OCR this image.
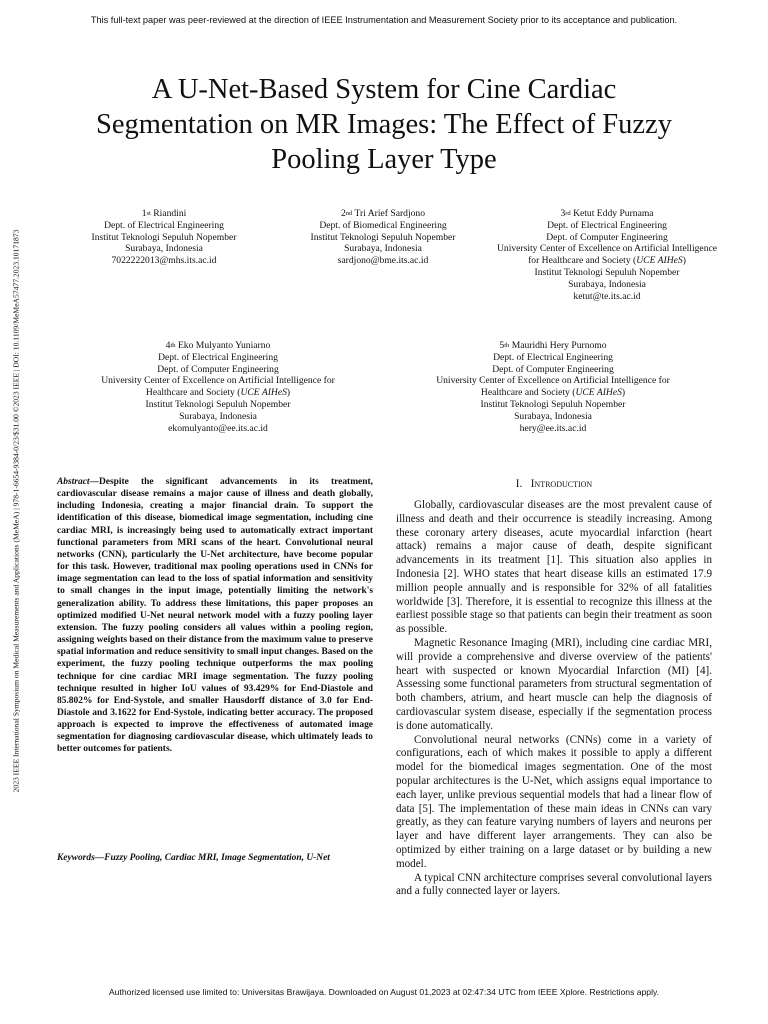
This full-text paper was peer-reviewed at the direction of IEEE Instrumentation and Measurement Society prior to its acceptance and publication.
2023 IEEE International Symposium on Medical Measurements and Applications (MeMeA) | 978-1-6654-9384-0/23/$31.00 ©2023 IEEE | DOI: 10.1109/MeMeA57477.2023.10171873
A U-Net-Based System for Cine Cardiac
Segmentation on MR Images: The Effect of Fuzzy
Pooling Layer Type
1st Riandini
Dept. of Electrical Engineering
Institut Teknologi Sepuluh Nopember
Surabaya, Indonesia
7022222013@mhs.its.ac.id
2nd Tri Arief Sardjono
Dept. of Biomedical Engineering
Institut Teknologi Sepuluh Nopember
Surabaya, Indonesia
sardjono@bme.its.ac.id
3rd Ketut Eddy Purnama
Dept. of Electrical Engineering
Dept. of Computer Engineering
University Center of Excellence on Artificial Intelligence for Healthcare and Society (UCE AIHeS)
Institut Teknologi Sepuluh Nopember
Surabaya, Indonesia
ketut@te.its.ac.id
4th Eko Mulyanto Yuniarno
Dept. of Electrical Engineering
Dept. of Computer Engineering
University Center of Excellence on Artificial Intelligence for
Healthcare and Society (UCE AIHeS)
Institut Teknologi Sepuluh Nopember
Surabaya, Indonesia
ekomulyanto@ee.its.ac.id
5th Mauridhi Hery Purnomo
Dept. of Electrical Engineering
Dept. of Computer Engineering
University Center of Excellence on Artificial Intelligence for
Healthcare and Society (UCE AIHeS)
Institut Teknologi Sepuluh Nopember
Surabaya, Indonesia
hery@ee.its.ac.id
Abstract—Despite the significant advancements in its treatment, cardiovascular disease remains a major cause of illness and death globally, including Indonesia, creating a major financial drain. To support the identification of this disease, biomedical image segmentation, including cine cardiac MRI, is increasingly being used to automatically extract important functional parameters from MRI scans of the heart. Convolutional neural networks (CNN), particularly the U-Net architecture, have become popular for this task. However, traditional max pooling operations used in CNNs for image segmentation can lead to the loss of spatial information and sensitivity to small changes in the input image, potentially limiting the network's generalization ability. To address these limitations, this paper proposes an optimized modified U-Net neural network model with a fuzzy pooling layer extension. The fuzzy pooling considers all values within a pooling region, assigning weights based on their distance from the maximum value to preserve spatial information and reduce sensitivity to small input changes. Based on the experiment, the fuzzy pooling technique outperforms the max pooling technique for cine cardiac MRI image segmentation. The fuzzy pooling technique resulted in higher IoU values of 93.429% for End-Diastole and 85.802% for End-Systole, and smaller Hausdorff distance of 3.0 for End-Diastole and 3.1622 for End-Systole, indicating better accuracy. The proposed approach is expected to improve the effectiveness of automated image segmentation for diagnosing cardiovascular disease, which ultimately leads to better outcomes for patients.
Keywords—Fuzzy Pooling, Cardiac MRI, Image Segmentation, U-Net
I. Introduction

Globally, cardiovascular diseases are the most prevalent cause of illness and death and their occurrence is steadily increasing. Among these coronary artery diseases, acute myocardial infarction (heart attack) remains a major cause of death, despite significant advancements in its treatment [1]. This situation also applies in Indonesia [2]. WHO states that heart disease kills an estimated 17.9 million people annually and is responsible for 32% of all fatalities worldwide [3]. Therefore, it is essential to recognize this illness at the earliest possible stage so that patients can begin their treatment as soon as possible.

Magnetic Resonance Imaging (MRI), including cine cardiac MRI, will provide a comprehensive and diverse overview of the patients' heart with suspected or known Myocardial Infarction (MI) [4]. Assessing some functional parameters from structural segmentation of both chambers, atrium, and heart muscle can help the diagnosis of cardiovascular system disease, especially if the segmentation process is done automatically.

Convolutional neural networks (CNNs) come in a variety of configurations, each of which makes it possible to apply a different model for the biomedical images segmentation. One of the most popular architectures is the U-Net, which assigns equal importance to each layer, unlike previous sequential models that had a linear flow of data [5]. The implementation of these main ideas in CNNs can vary greatly, as they can feature varying numbers of layers and neurons per layer and have different layer arrangements. They can also be optimized by either training on a large dataset or by building a new model.

A typical CNN architecture comprises several convolutional layers and a fully connected layer or layers.

Authorized licensed use limited to: Universitas Brawijaya. Downloaded on August 01,2023 at 02:47:34 UTC from IEEE Xplore. Restrictions apply.
